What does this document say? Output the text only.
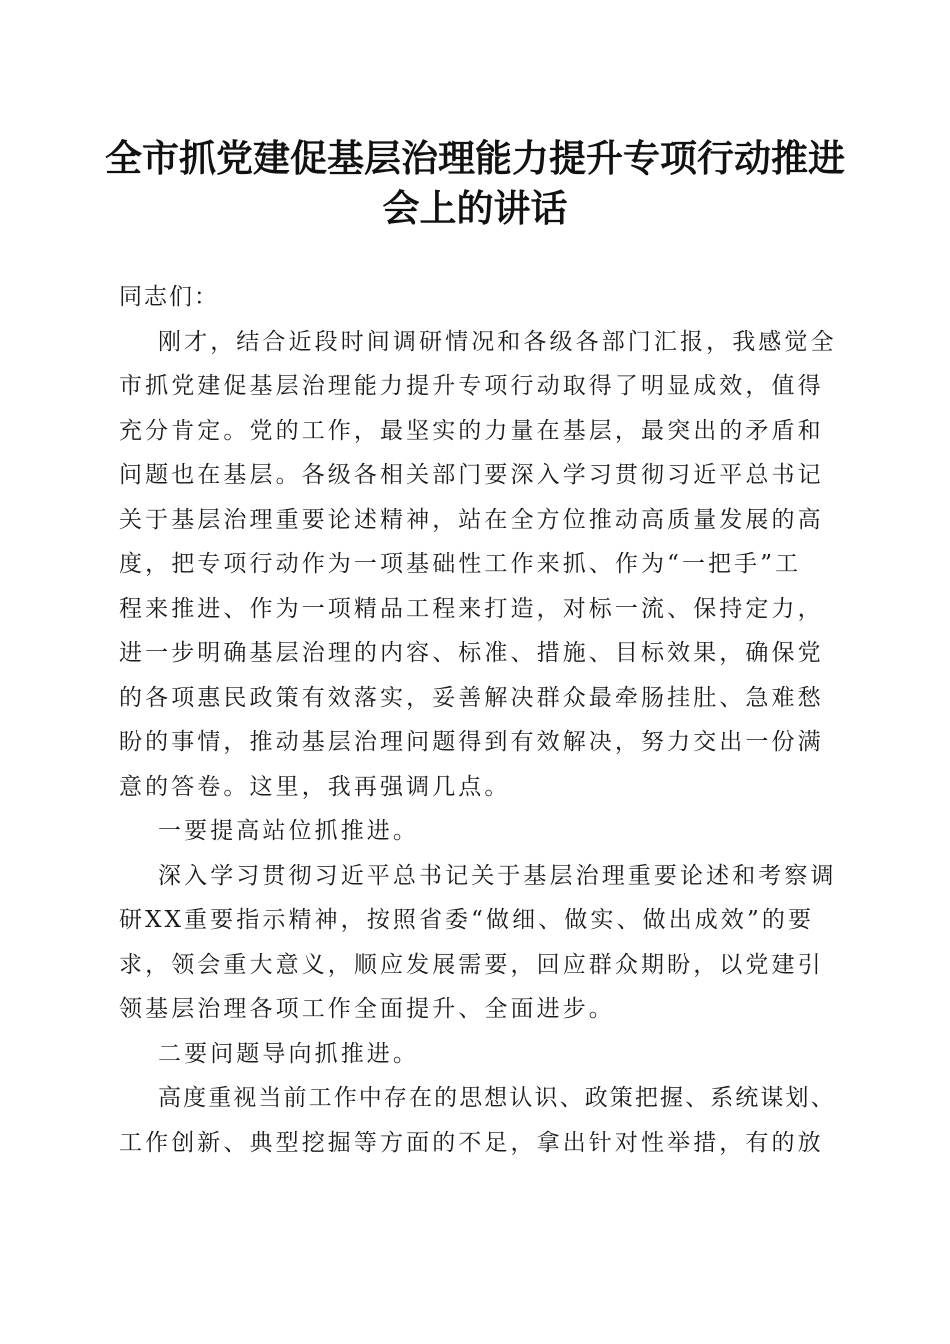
全市抓党建促基层治理能力提升专项行动推进
会上的讲话
同志们：
刚才，结合近段时间调研情况和各级各部门汇报，我感觉全
市抓党建促基层治理能力提升专项行动取得了明显成效，值得
充分肯定。党的工作，最坚实的力量在基层，最突出的矛盾和
问题也在基层。各级各相关部门要深入学习贯彻习近平总书记
关于基层治理重要论述精神，站在全方位推动高质量发展的高
度，把专项行动作为一项基础性工作来抓、作为“一把手”工
程来推进、作为一项精品工程来打造，对标一流、保持定力，
进一步明确基层治理的内容、标准、措施、目标效果，确保党
的各项惠民政策有效落实，妥善解决群众最牵肠挂肚、急难愁
盼的事情，推动基层治理问题得到有效解决，努力交出一份满
意的答卷。这里，我再强调几点。
一要提高站位抓推进。
深入学习贯彻习近平总书记关于基层治理重要论述和考察调
研XX重要指示精神，按照省委“做细、做实、做出成效”的要
求，领会重大意义，顺应发展需要，回应群众期盼，以党建引
领基层治理各项工作全面提升、全面进步。
二要问题导向抓推进。
高度重视当前工作中存在的思想认识、政策把握、系统谋划、
工作创新、典型挖掘等方面的不足，拿出针对性举措，有的放
